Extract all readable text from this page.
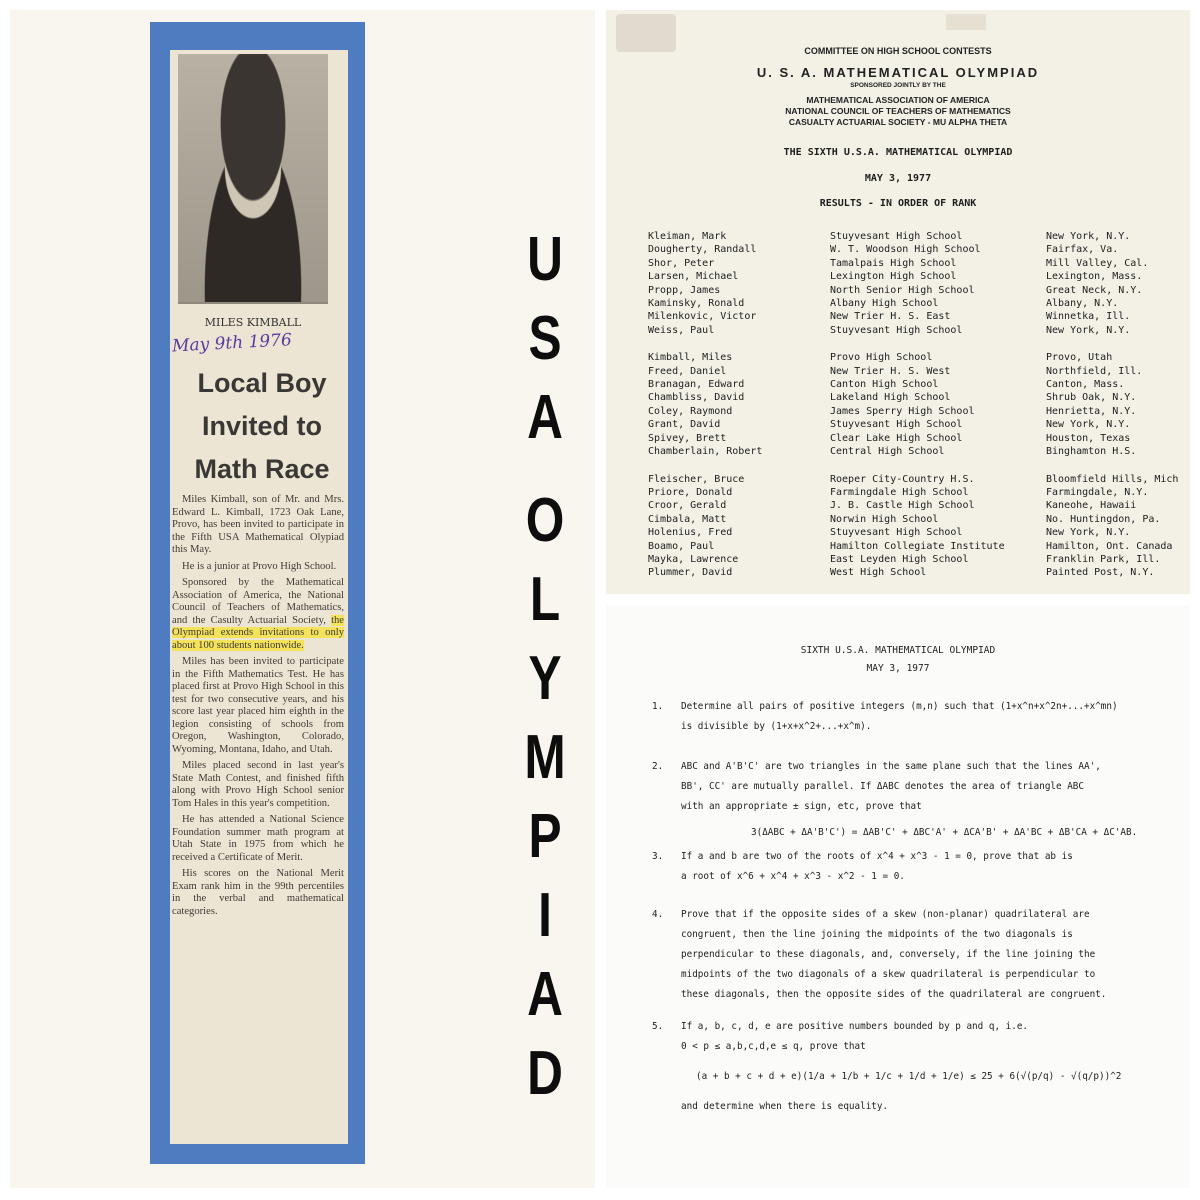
MILES KIMBALL
May 9th 1976
Local Boy Invited to Math Race

Miles Kimball, son of Mr. and Mrs. Edward L. Kimball, 1723 Oak Lane, Provo, has been invited to participate in the Fifth USA Mathematical Olypiad this May.

He is a junior at Provo High School.

Sponsored by the Mathematical Association of America, the National Council of Teachers of Mathematics, and the Casulty Actuarial Society, the Olympiad extends invitations to only about 100 students nationwide.

Miles has been invited to participate in the Fifth Mathematics Test. He has placed first at Provo High School in this test for two consecutive years, and his score last year placed him eighth in the legion consisting of schools from Oregon, Washington, Colorado, Wyoming, Montana, Idaho, and Utah.

Miles placed second in last year's State Math Contest, and finished fifth along with Provo High School senior Tom Hales in this year's competition.

He has attended a National Science Foundation summer math program at Utah State in 1975 from which he received a Certificate of Merit.

His scores on the National Merit Exam rank him in the 99th percentiles in the verbal and mathematical categories.

U
S
A
O
L
Y
M
P
I
A
D
COMMITTEE ON HIGH SCHOOL CONTESTS
U. S. A. MATHEMATICAL OLYMPIAD
SPONSORED JOINTLY BY THE
MATHEMATICAL ASSOCIATION OF AMERICA
NATIONAL COUNCIL OF TEACHERS OF MATHEMATICS
CASUALTY ACTUARIAL SOCIETY - MU ALPHA THETA
THE SIXTH U.S.A. MATHEMATICAL OLYMPIAD
MAY 3, 1977
RESULTS - IN ORDER OF RANK
Kleiman, Mark
Dougherty, Randall
Shor, Peter
Larsen, Michael
Propp, James
Kaminsky, Ronald
Milenkovic, Victor
Weiss, Paul
Kimball, Miles
Freed, Daniel
Branagan, Edward
Chambliss, David
Coley, Raymond
Grant, David
Spivey, Brett
Chamberlain, Robert
Fleischer, Bruce
Priore, Donald
Croor, Gerald
Cimbala, Matt
Holenius, Fred
Boamo, Paul
Mayka, Lawrence
Plummer, David
Stuyvesant High School
W. T. Woodson High School
Tamalpais High School
Lexington High School
North Senior High School
Albany High School
New Trier H. S. East
Stuyvesant High School
Provo High School
New Trier H. S. West
Canton High School
Lakeland High School
James Sperry High School
Stuyvesant High School
Clear Lake High School
Central High School
Roeper City-Country H.S.
Farmingdale High School
J. B. Castle High School
Norwin High School
Stuyvesant High School
Hamilton Collegiate Institute
East Leyden High School
West High School
New York, N.Y.
Fairfax, Va.
Mill Valley, Cal.
Lexington, Mass.
Great Neck, N.Y.
Albany, N.Y.
Winnetka, Ill.
New York, N.Y.
Provo, Utah
Northfield, Ill.
Canton, Mass.
Shrub Oak, N.Y.
Henrietta, N.Y.
New York, N.Y.
Houston, Texas
Binghamton H.S.
Bloomfield Hills, Mich
Farmingdale, N.Y.
Kaneohe, Hawaii
No. Huntingdon, Pa.
New York, N.Y.
Hamilton, Ont. Canada
Franklin Park, Ill.
Painted Post, N.Y.
SIXTH U.S.A. MATHEMATICAL OLYMPIAD
MAY 3, 1977
1. Determine all pairs of positive integers (m,n) such that (1+x^n+x^2n+...+x^mn)
is divisible by (1+x+x^2+...+x^m).
2. ABC and A'B'C' are two triangles in the same plane such that the lines AA',
BB', CC' are mutually parallel. If ΔABC denotes the area of triangle ABC
with an appropriate ± sign, etc, prove that
3(ΔABC + ΔA'B'C') = ΔAB'C' + ΔBC'A' + ΔCA'B' + ΔA'BC + ΔB'CA + ΔC'AB.
3. If a and b are two of the roots of x^4 + x^3 - 1 = 0, prove that ab is
a root of x^6 + x^4 + x^3 - x^2 - 1 = 0.
4. Prove that if the opposite sides of a skew (non-planar) quadrilateral are
congruent, then the line joining the midpoints of the two diagonals is
perpendicular to these diagonals, and, conversely, if the line joining the
midpoints of the two diagonals of a skew quadrilateral is perpendicular to
these diagonals, then the opposite sides of the quadrilateral are congruent.
5. If a, b, c, d, e are positive numbers bounded by p and q, i.e.
0 < p ≤ a,b,c,d,e ≤ q, prove that
(a + b + c + d + e)(1/a + 1/b + 1/c + 1/d + 1/e) ≤ 25 + 6(√(p/q) - √(q/p))^2
and determine when there is equality.
